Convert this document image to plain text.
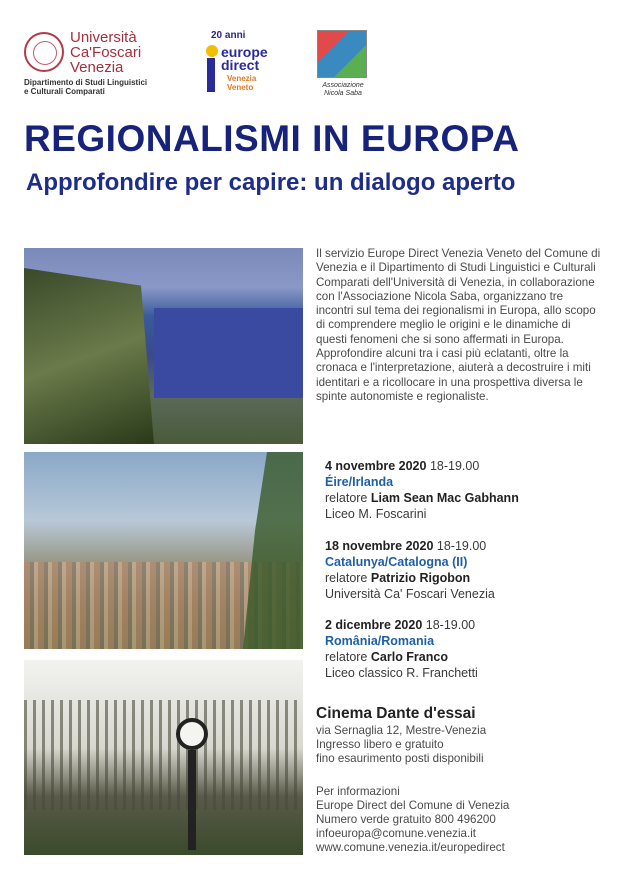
Università
Ca'Foscari
Venezia
Dipartimento di Studi Linguistici
e Culturali Comparati
20 anni
europe
direct
Venezia
Veneto	Associazione
Nicola Saba
REGIONALISMI IN EUROPA
Approfondire per capire: un dialogo aperto
Il servizio Europe Direct Venezia Veneto del Comune di
Venezia e il Dipartimento di Studi Linguistici e Culturali
Comparati dell'Università di Venezia, in collaborazione
con l'Associazione Nicola Saba, organizzano tre
incontri sul tema dei regionalismi in Europa, allo scopo
di comprendere meglio le origini e le dinamiche di
questi fenomeni che si sono affermati in Europa.
Approfondire alcuni tra i casi più eclatanti, oltre la
cronaca e l'interpretazione, aiuterà a decostruire i miti
identitari e a ricollocare in una prospettiva diversa le
spinte autonomiste e regionaliste.
4 novembre 2020 18-19.00
Éire/Irlanda
relatore Liam Sean Mac Gabhann
Liceo M. Foscarini
18 novembre 2020 18-19.00
Catalunya/Catalogna (II)
relatore Patrizio Rigobon
Università Ca' Foscari Venezia
2 dicembre 2020 18-19.00
România/Romania
relatore Carlo Franco
Liceo classico R. Franchetti
Cinema Dante d'essai
via Sernaglia 12, Mestre-Venezia
Ingresso libero e gratuito
fino esaurimento posti disponibili
Per informazioni
Europe Direct del Comune di Venezia
Numero verde gratuito 800 496200
infoeuropa@comune.venezia.it
www.comune.venezia.it/europedirect
